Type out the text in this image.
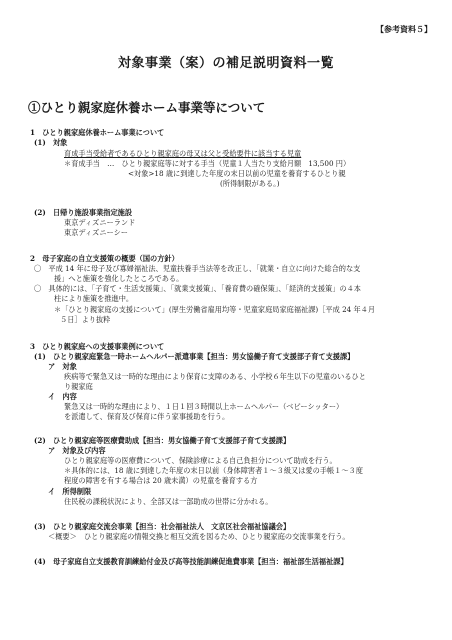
【参考資料５】
対象事業（案）の補足説明資料一覧
①ひとり親家庭休養ホーム事業等について
1　ひとり親家庭休養ホーム事業について
(1)　対象
育成手当受給者であるひとり親家庭の母又は父と受給要件に該当する児童
＊育成手当　…　ひとり親家庭等に対する手当（児童１人当たり支給月額　13,500 円）
<対象>18 歳に到達した年度の末日以前の児童を養育するひとり親
(所得制限がある。)
(2)　日帰り施設事業指定施設
東京ディズニーランド
東京ディズニーシー
2　母子家庭の自立支援策の概要（国の方針）
〇　平成 14 年に母子及び寡婦福祉法、児童扶養手当法等を改正し、「就業・自立に向けた総合的な支
援」へと施策を強化したところである。
〇　具体的には、「子育て・生活支援策」、「就業支援策」、「養育費の確保策」、「経済的支援策」の４本
柱により施策を推進中。
＊「ひとり親家庭の支援について」(厚生労働省雇用均等・児童家庭局家庭福祉課)［平成 24 年４月
５日］より抜粋
3　ひとり親家庭への支援事業例について
(1)　ひとり親家庭緊急一時ホームヘルパー派遣事業【担当：男女協働子育て支援部子育て支援課】
ア　対象
疾病等で緊急又は一時的な理由により保育に支障のある、小学校６年生以下の児童のいるひと
り親家庭
イ　内容
緊急又は一時的な理由により、１日１回３時間以上ホームヘルパー（ベビーシッター）
を派遣して、保育及び保育に伴う家事援助を行う。
(2)　ひとり親家庭等医療費助成【担当：男女協働子育て支援部子育て支援課】
ア　対象及び内容
ひとり親家庭等の医療費について、保険診療による自己負担分について助成を行う。
＊具体的には、18 歳に到達した年度の末日以前（身体障害者１～３級又は愛の手帳１～３度
程度の障害を有する場合は 20 歳未満）の児童を養育する方
イ　所得制限
住民税の課税状況により、全部又は一部助成の世帯に分かれる。
(3)　ひとり親家庭交流会事業【担当：社会福祉法人　文京区社会福祉協議会】
＜概要＞　ひとり親家庭の情報交換と相互交流を図るため、ひとり親家庭の交流事業を行う。
(4)　母子家庭自立支援教育訓練給付金及び高等技能訓練促進費事業【担当：福祉部生活福祉課】
